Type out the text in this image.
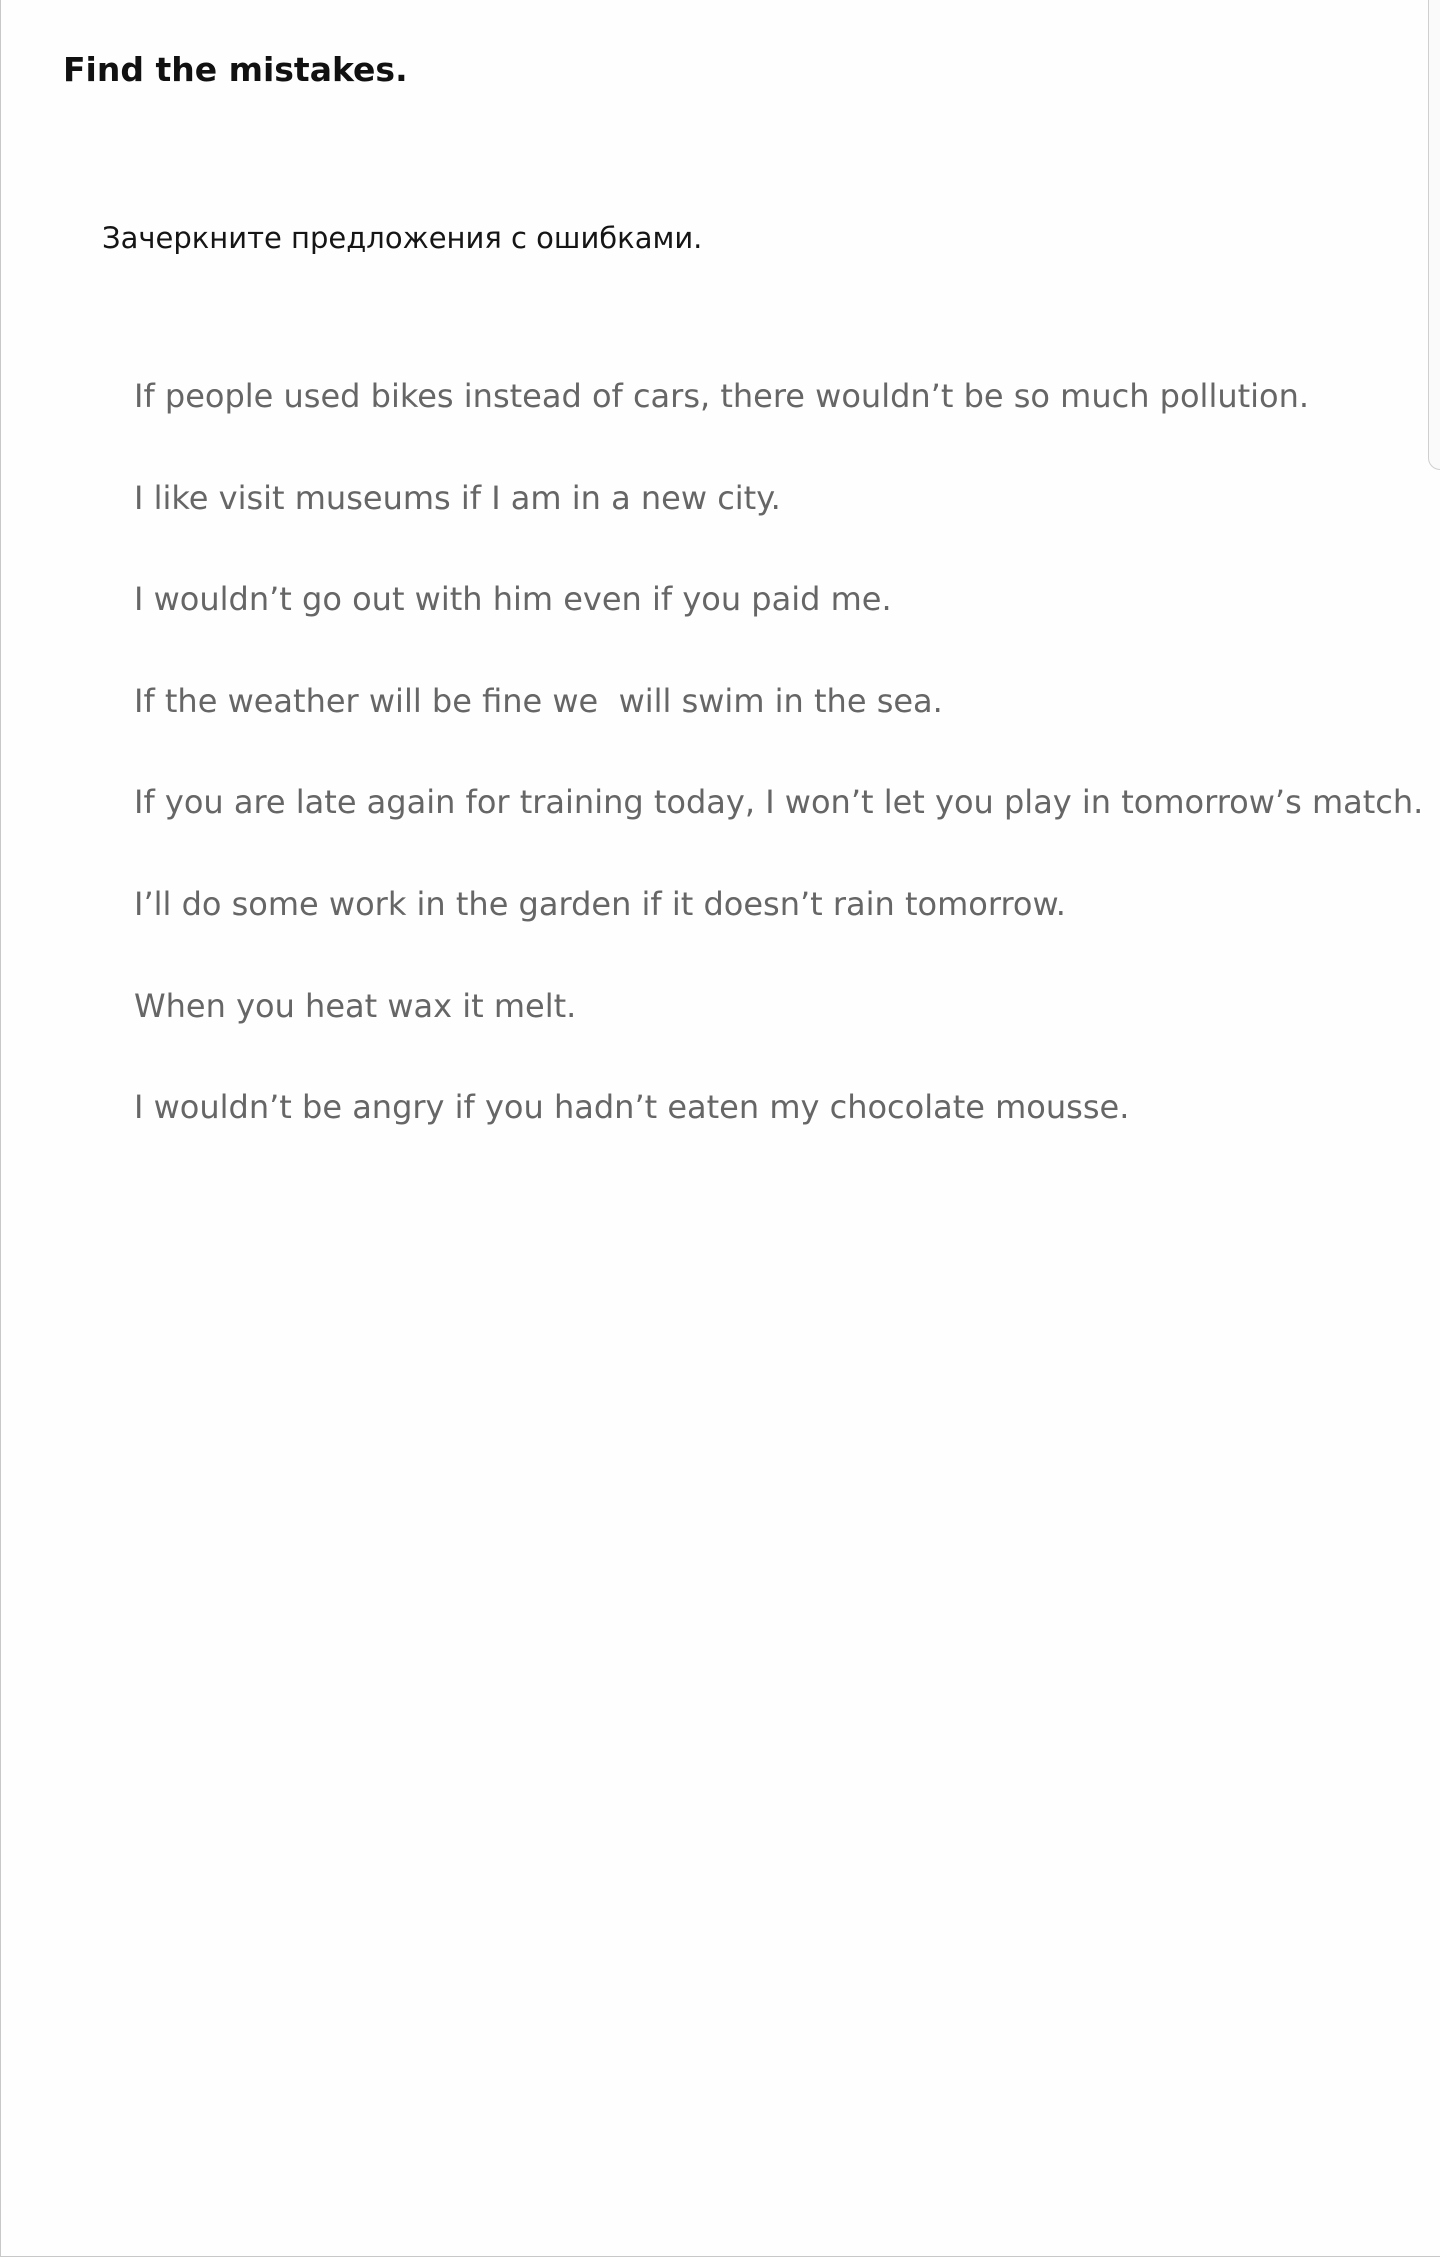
Find the mistakes.

Зачеркните предложения с ошибками.

If people used bikes instead of cars, there wouldn’t be so much pollution.
I like visit museums if I am in a new city.
I wouldn’t go out with him even if you paid me.
If the weather will be fine we  will swim in the sea.
If you are late again for training today, I won’t let you play in tomorrow’s match.
I’ll do some work in the garden if it doesn’t rain tomorrow.
When you heat wax it melt.
I wouldn’t be angry if you hadn’t eaten my chocolate mousse.
